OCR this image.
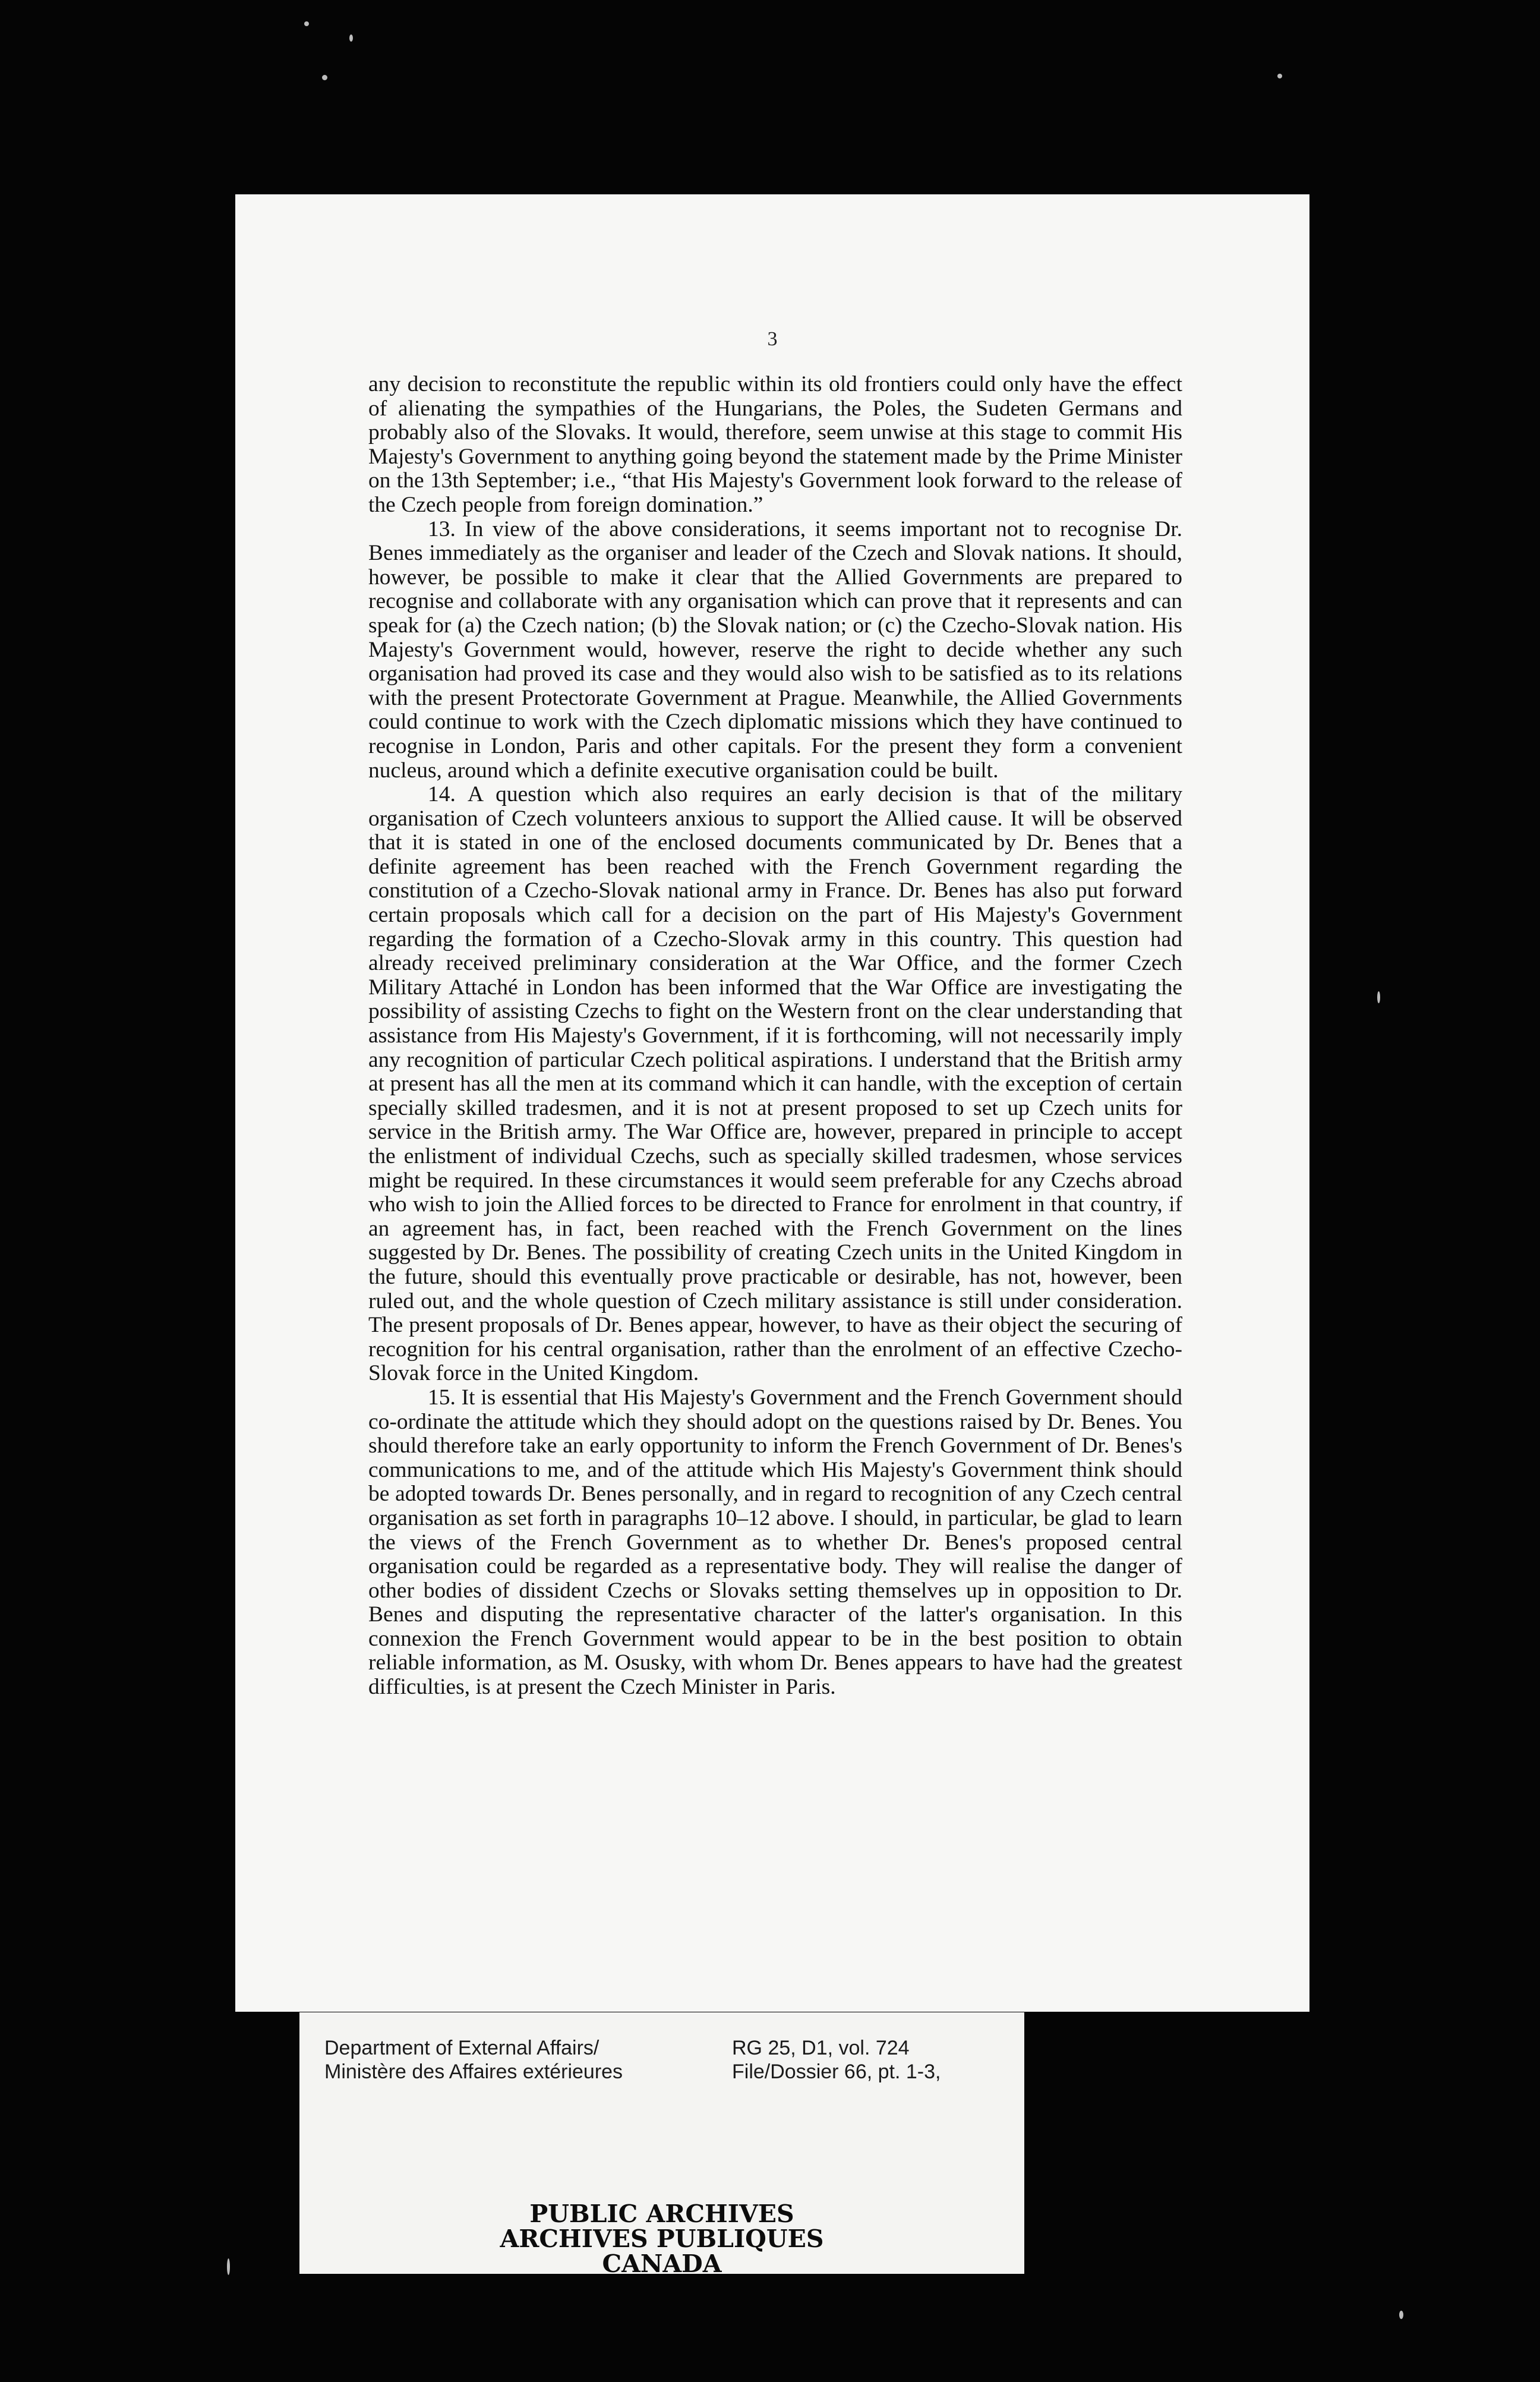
3

any decision to reconstitute the republic within its old frontiers could only have the effect of alienating the sympathies of the Hungarians, the Poles, the Sudeten Germans and probably also of the Slovaks. It would, therefore, seem unwise at this stage to commit His Majesty's Government to anything going beyond the statement made by the Prime Minister on the 13th September; i.e., “that His Majesty's Government look forward to the release of the Czech people from foreign domination.”

13. In view of the above considerations, it seems important not to recognise Dr. Benes immediately as the organiser and leader of the Czech and Slovak nations. It should, however, be possible to make it clear that the Allied Governments are prepared to recognise and collaborate with any organisation which can prove that it represents and can speak for (a) the Czech nation; (b) the Slovak nation; or (c) the Czecho-Slovak nation. His Majesty's Government would, however, reserve the right to decide whether any such organisation had proved its case and they would also wish to be satisfied as to its relations with the present Protectorate Government at Prague. Meanwhile, the Allied Governments could continue to work with the Czech diplomatic missions which they have continued to recognise in London, Paris and other capitals. For the present they form a convenient nucleus, around which a definite executive organisation could be built.

14. A question which also requires an early decision is that of the military organisation of Czech volunteers anxious to support the Allied cause. It will be observed that it is stated in one of the enclosed documents communicated by Dr. Benes that a definite agreement has been reached with the French Government regarding the constitution of a Czecho-Slovak national army in France. Dr. Benes has also put forward certain proposals which call for a decision on the part of His Majesty's Government regarding the formation of a Czecho-Slovak army in this country. This question had already received preliminary consideration at the War Office, and the former Czech Military Attaché in London has been informed that the War Office are investigating the possibility of assisting Czechs to fight on the Western front on the clear understanding that assistance from His Majesty's Government, if it is forthcoming, will not necessarily imply any recognition of particular Czech political aspirations. I understand that the British army at present has all the men at its command which it can handle, with the exception of certain specially skilled tradesmen, and it is not at present proposed to set up Czech units for service in the British army. The War Office are, however, prepared in principle to accept the enlistment of individual Czechs, such as specially skilled tradesmen, whose services might be required. In these circumstances it would seem preferable for any Czechs abroad who wish to join the Allied forces to be directed to France for enrolment in that country, if an agreement has, in fact, been reached with the French Government on the lines suggested by Dr. Benes. The possibility of creating Czech units in the United Kingdom in the future, should this eventually prove practicable or desirable, has not, however, been ruled out, and the whole question of Czech military assistance is still under consideration. The present proposals of Dr. Benes appear, however, to have as their object the securing of recognition for his central organisation, rather than the enrolment of an effective Czecho-Slovak force in the United Kingdom.

15. It is essential that His Majesty's Government and the French Government should co-ordinate the attitude which they should adopt on the questions raised by Dr. Benes. You should therefore take an early opportunity to inform the French Government of Dr. Benes's communications to me, and of the attitude which His Majesty's Government think should be adopted towards Dr. Benes personally, and in regard to recognition of any Czech central organisation as set forth in paragraphs 10–12 above. I should, in particular, be glad to learn the views of the French Government as to whether Dr. Benes's proposed central organisation could be regarded as a representative body. They will realise the danger of other bodies of dissident Czechs or Slovaks setting themselves up in opposition to Dr. Benes and disputing the representative character of the latter's organisation. In this connexion the French Government would appear to be in the best position to obtain reliable information, as M. Osusky, with whom Dr. Benes appears to have had the greatest difficulties, is at present the Czech Minister in Paris.

Department of External Affairs/
Ministère des Affaires extérieures

RG 25, D1, vol. 724
File/Dossier 66, pt. 1-3,

PUBLIC ARCHIVES
ARCHIVES PUBLIQUES
CANADA
